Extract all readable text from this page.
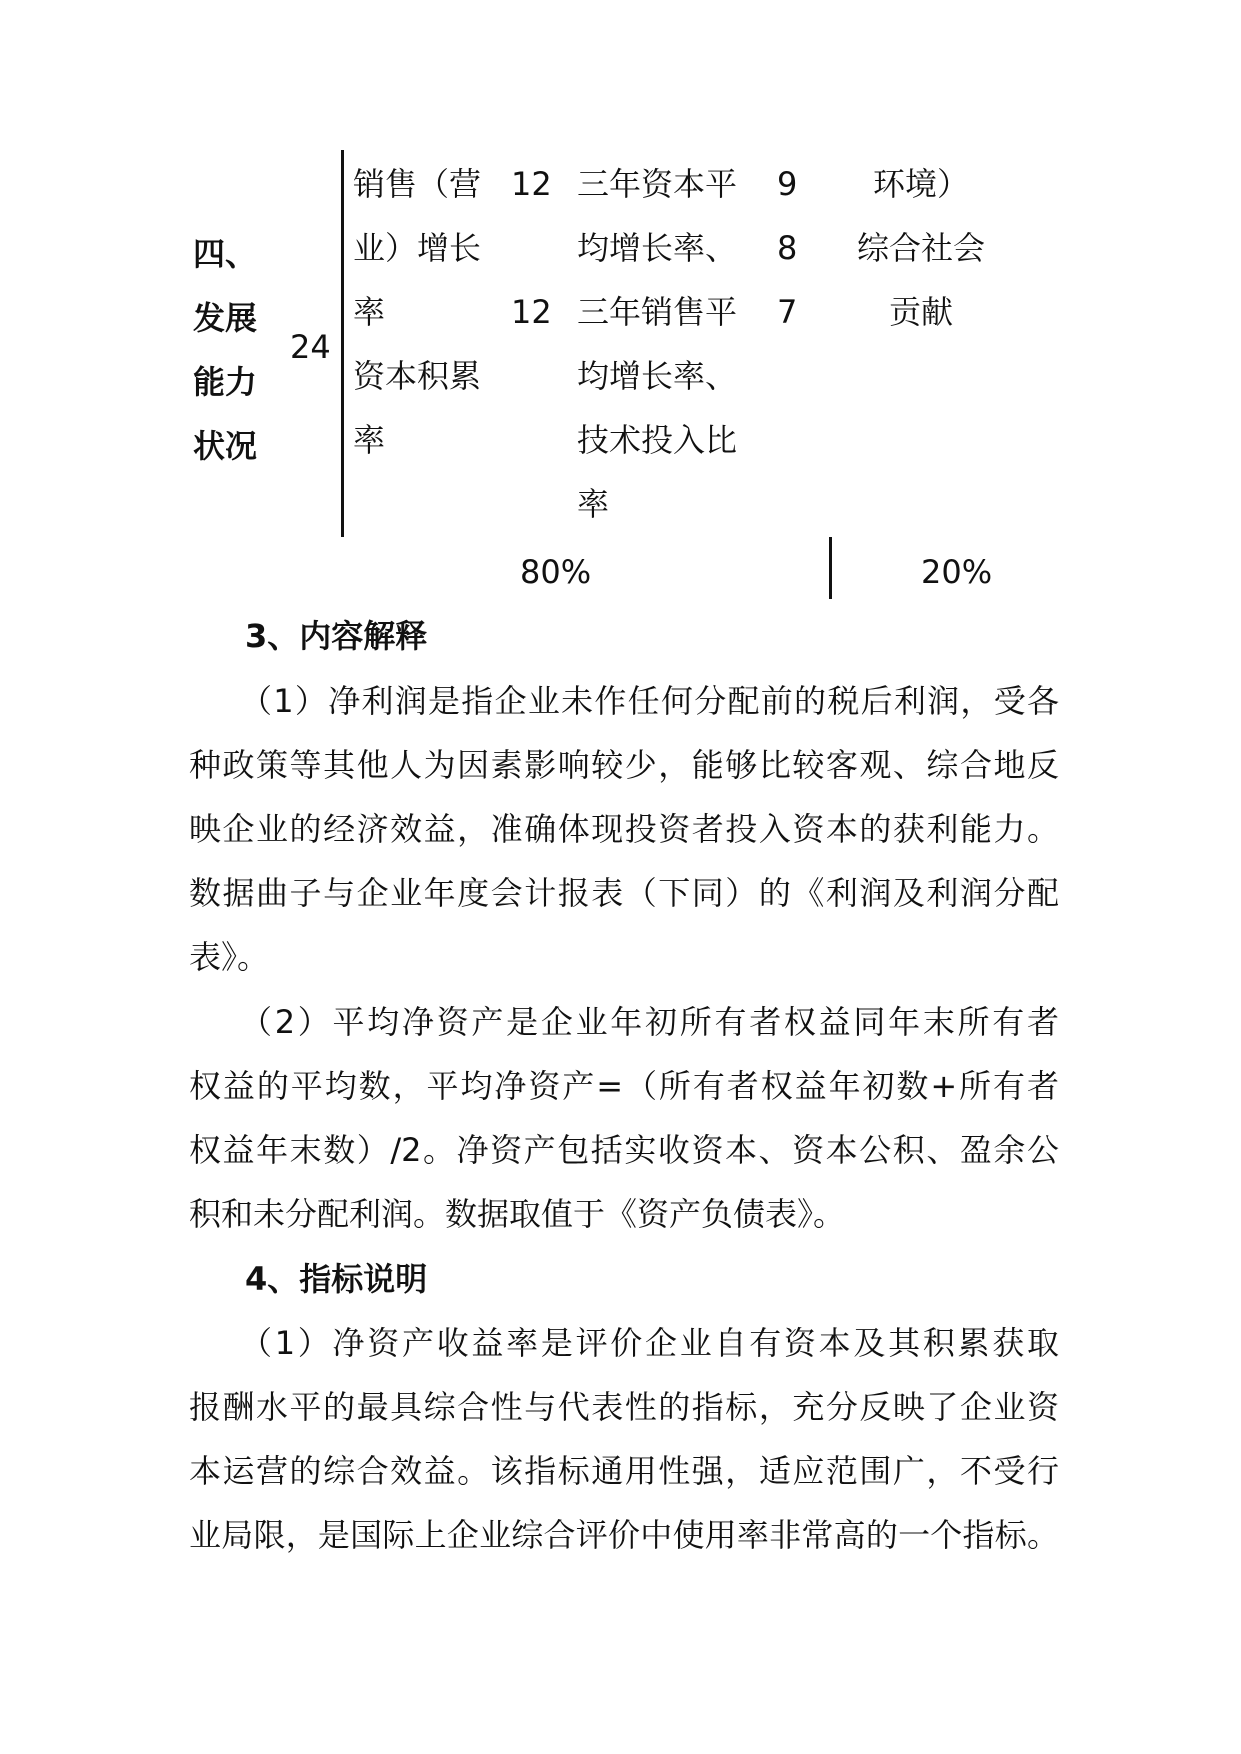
四、
发展
能力
状况
24
销售（营
业）增长
率
资本积累
率
12
12
三年资本平
均增长率、
三年销售平
均增长率、
技术投入比
率
9
8
7
环境）
综合社会
贡献
80%	20%
3、内容解释
（1）净利润是指企业未作任何分配前的税后利润，受各
种政策等其他人为因素影响较少，能够比较客观、综合地反
映企业的经济效益，准确体现投资者投入资本的获利能力。
数据曲子与企业年度会计报表（下同）的《利润及利润分配
表》。
（2）平均净资产是企业年初所有者权益同年末所有者
权益的平均数，平均净资产=（所有者权益年初数+所有者
权益年末数）/2。净资产包括实收资本、资本公积、盈余公
积和未分配利润。数据取值于《资产负债表》。
4、指标说明
（1）净资产收益率是评价企业自有资本及其积累获取
报酬水平的最具综合性与代表性的指标，充分反映了企业资
本运营的综合效益。该指标通用性强，适应范围广，不受行
业局限，是国际上企业综合评价中使用率非常高的一个指标。
